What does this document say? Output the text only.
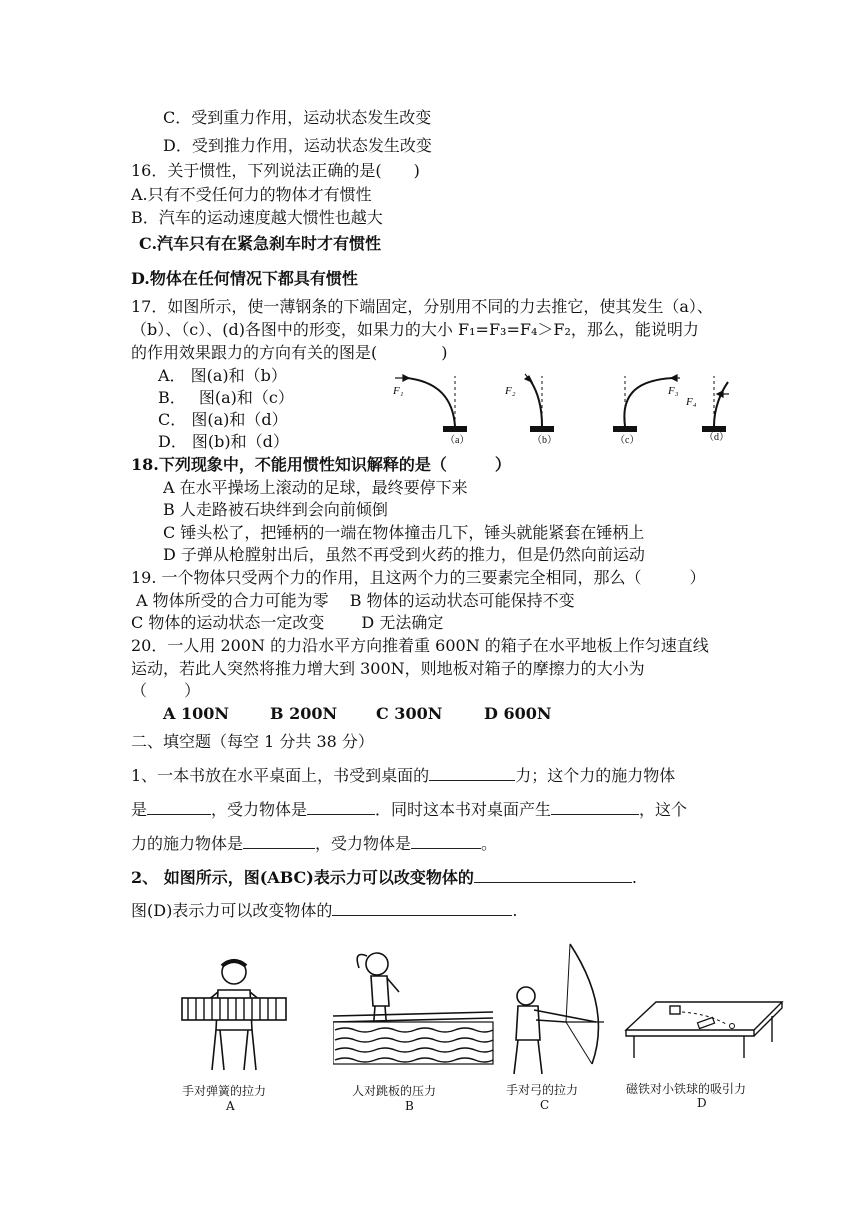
C．受到重力作用，运动状态发生改变
D．受到推力作用，运动状态发生改变
16．关于惯性，下列说法正确的是(　　)
A.只有不受任何力的物体才有惯性
B．汽车的运动速度越大惯性也越大
C.汽车只有在紧急刹车时才有惯性
D.物体在任何情况下都具有惯性
17．如图所示，使一薄钢条的下端固定，分别用不同的力去推它，使其发生（a）、
（b）、（c）、(d)各图中的形变，如果力的大小 F₁=F₃=F₄＞F₂，那么，能说明力
的作用效果跟力的方向有关的图是(　　　　)
A． 图(a)和（b）
B．　 图(a)和（c）
C． 图(a)和（d）
D． 图(b)和（d）
F₁	F₂	F₃
F₄
（a）	（b）	（c）	（d）
18.下列现象中，不能用惯性知识解释的是（　　　）
A 在水平操场上滚动的足球，最终要停下来
B 人走路被石块绊到会向前倾倒
C 锤头松了，把锤柄的一端在物体撞击几下，锤头就能紧套在锤柄上
D 子弹从枪膛射出后，虽然不再受到火药的推力，但是仍然向前运动
19. 一个物体只受两个力的作用，且这两个力的三要素完全相同，那么（　　　）
A 物体所受的合力可能为零　 B 物体的运动状态可能保持不变
C 物体的运动状态一定改变　　 D 无法确定
20．一人用 200N 的力沿水平方向推着重 600N 的箱子在水平地板上作匀速直线
运动，若此人突然将推力增大到 300N，则地板对箱子的摩擦力的大小为
（　　 ）
A 100N	B 200N C 300N	D 600N
二、填空题（每空 1 分共 38 分）
1、一本书放在水平桌面上，书受到桌面的	力；这个力的施力物体
是	，受力物体是	．同时这本书对桌面产生	，这个
力的施力物体是	，受力物体是	。
2、 如图所示，图(ABC)表示力可以改变物体的	.
图(D)表示力可以改变物体的	.
手对弹簧的拉力
A
人对跳板的压力
B
手对弓的拉力
C
磁铁对小铁球的吸引力
D
